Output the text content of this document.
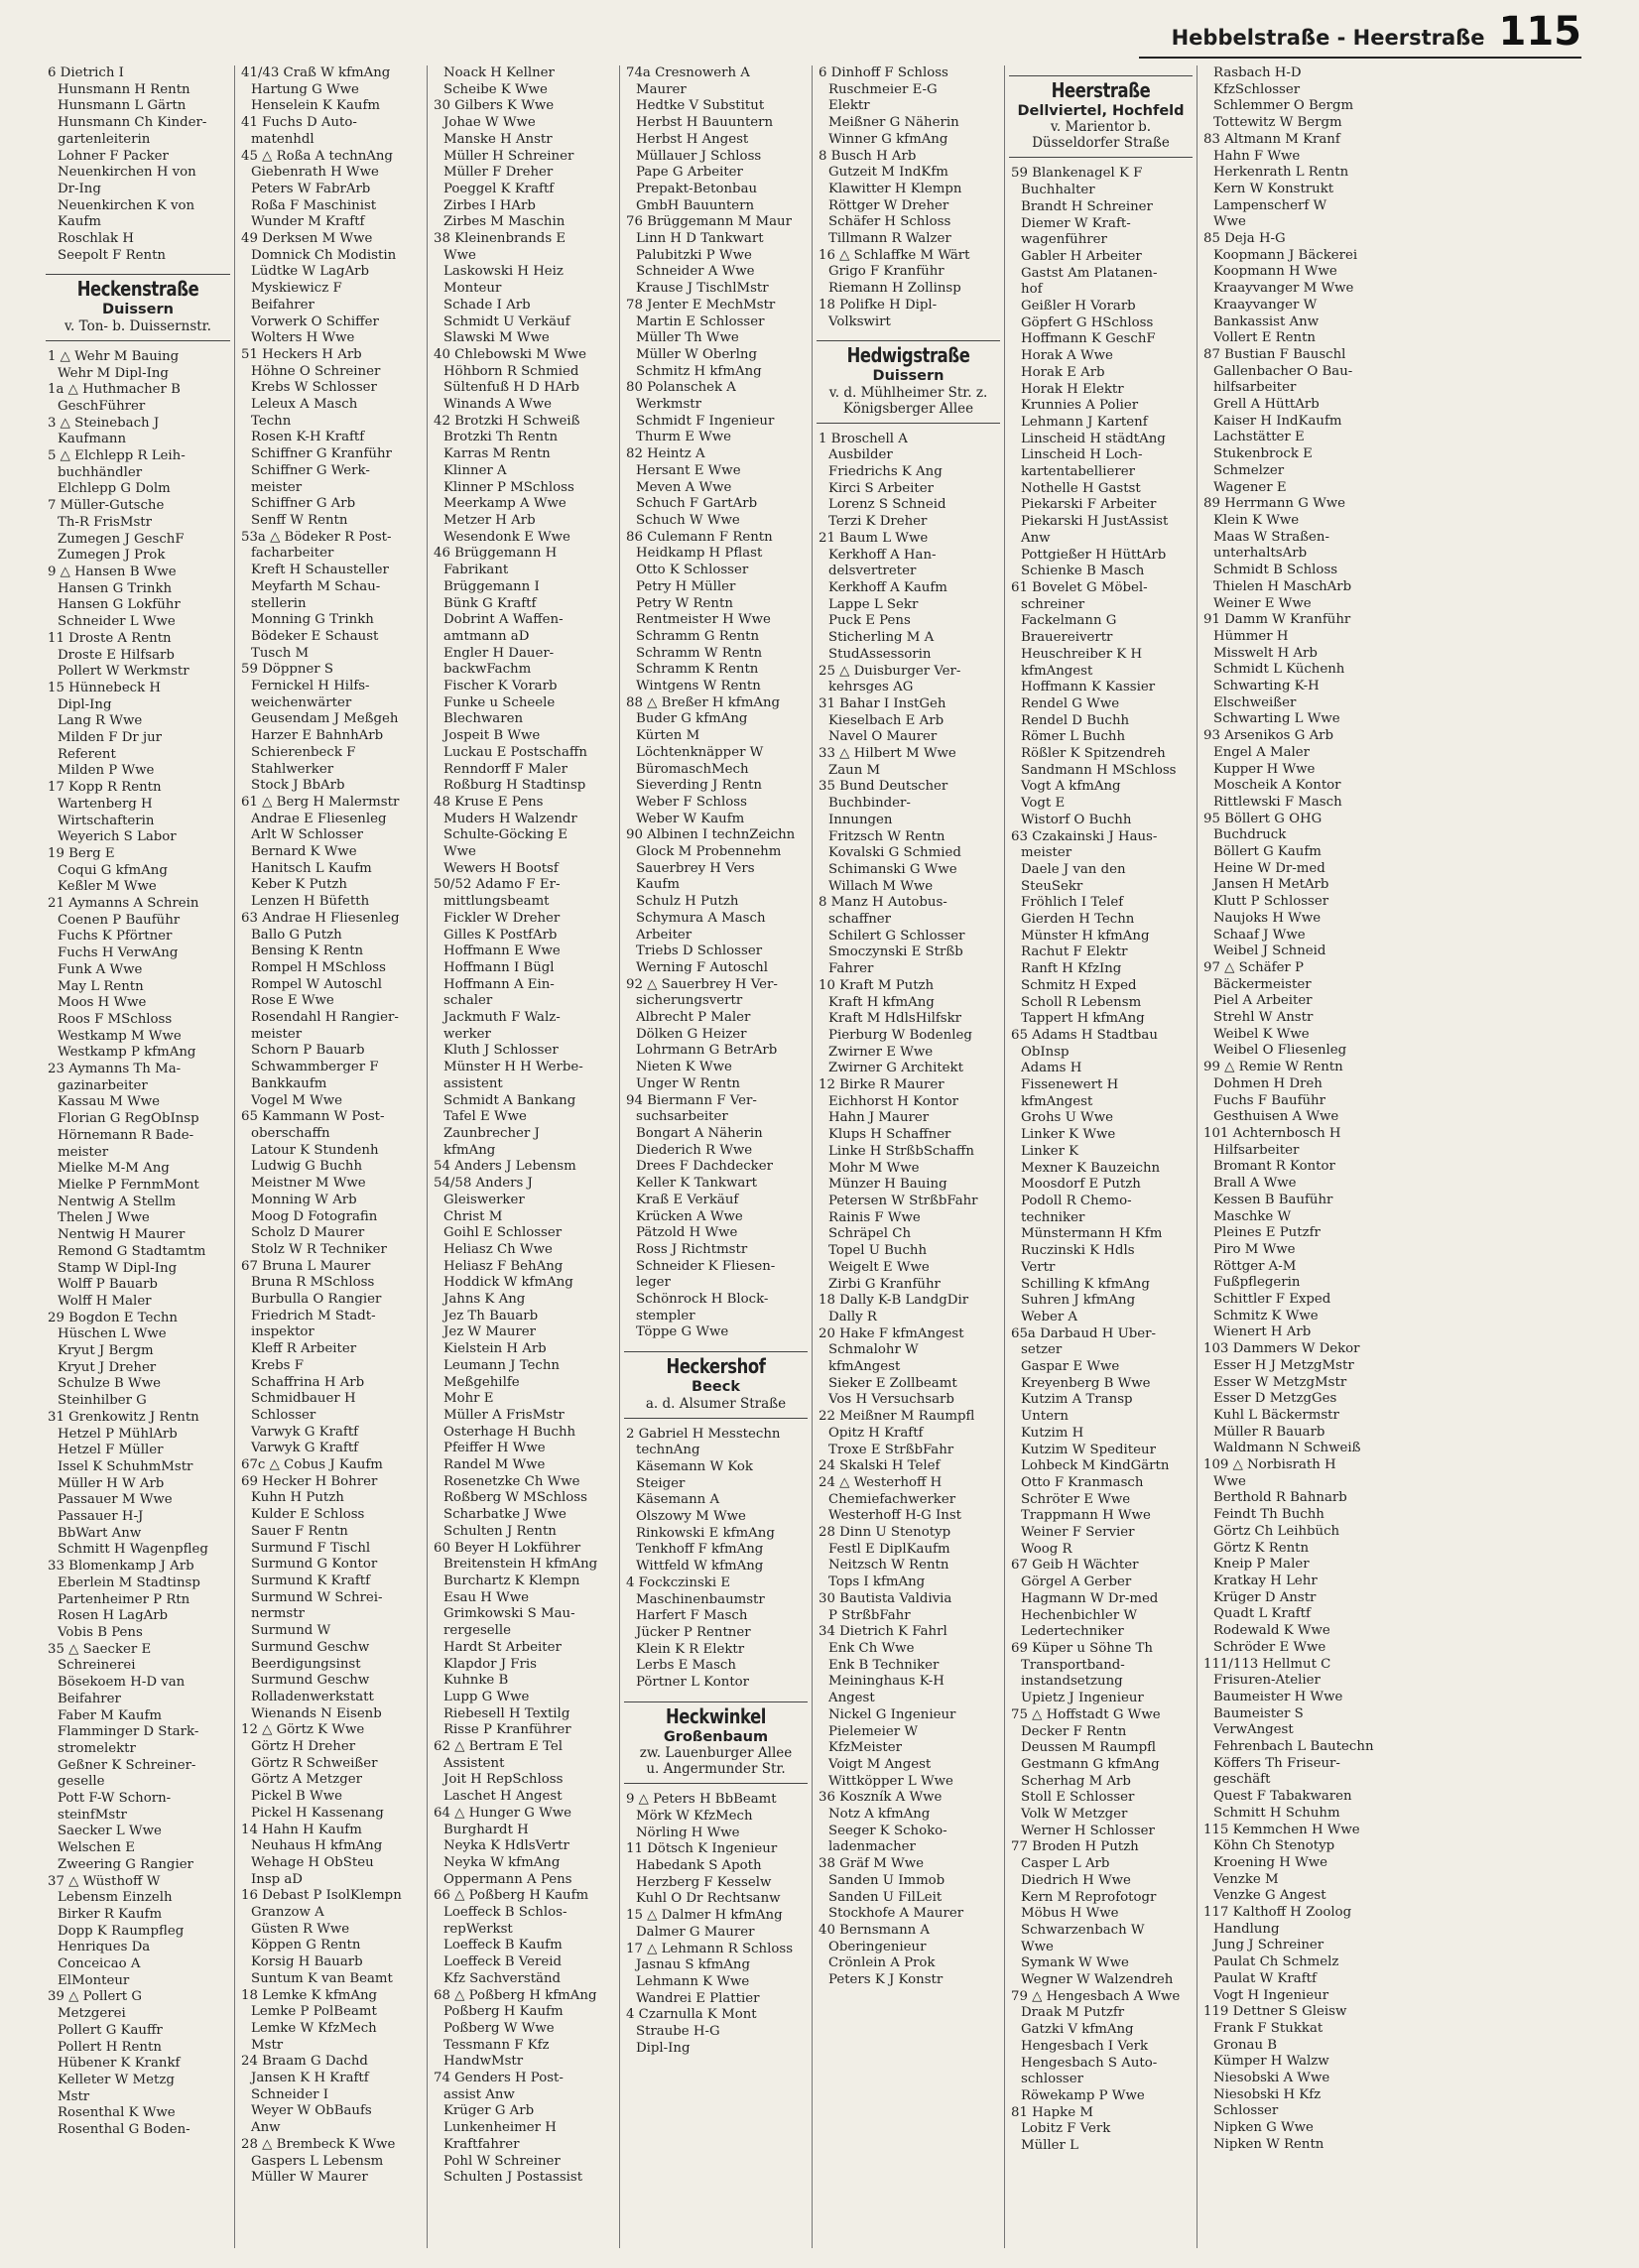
Hebbelstraße - Heerstraße 115
6 Dietrich I
Hunsmann H Rentn
Hunsmann L Gärtn
Hunsmann Ch Kinder-
gartenleiterin
Lohner F Packer
Neuenkirchen H von
Dr-Ing
Neuenkirchen K von
Kaufm
Roschlak H
Seepolt F Rentn
Heckenstraße
Duissern
v. Ton- b. Duissernstr.
1 △ Wehr M Bauing
Wehr M Dipl-Ing
1a △ Huthmacher B
GeschFührer
3 △ Steinebach J
Kaufmann
5 △ Elchlepp R Leih-
buchhändler
Elchlepp G Dolm
7 Müller-Gutsche
Th-R FrisMstr
Zumegen J GeschF
Zumegen J Prok
9 △ Hansen B Wwe
Hansen G Trinkh
Hansen G Lokführ
Schneider L Wwe
11 Droste A Rentn
Droste E Hilfsarb
Pollert W Werkmstr
15 Hünnebeck H
Dipl-Ing
Lang R Wwe
Milden F Dr jur
Referent
Milden P Wwe
17 Kopp R Rentn
Wartenberg H
Wirtschafterin
Weyerich S Labor
19 Berg E
Coqui G kfmAng
Keßler M Wwe
21 Aymanns A Schrein
Coenen P Bauführ
Fuchs K Pförtner
Fuchs H VerwAng
Funk A Wwe
May L Rentn
Moos H Wwe
Roos F MSchloss
Westkamp M Wwe
Westkamp P kfmAng
23 Aymanns Th Ma-
gazinarbeiter
Kassau M Wwe
Florian G RegObInsp
Hörnemann R Bade-
meister
Mielke M-M Ang
Mielke P FernmMont
Nentwig A Stellm
Thelen J Wwe
Nentwig H Maurer
Remond G Stadtamtm
Stamp W Dipl-Ing
Wolff P Bauarb
Wolff H Maler
29 Bogdon E Techn
Hüschen L Wwe
Kryut J Bergm
Kryut J Dreher
Schulze B Wwe
Steinhilber G
31 Grenkowitz J Rentn
Hetzel P MühlArb
Hetzel F Müller
Issel K SchuhmMstr
Müller H W Arb
Passauer M Wwe
Passauer H-J
BbWart Anw
Schmitt H Wagenpfleg
33 Blomenkamp J Arb
Eberlein M Stadtinsp
Partenheimer P Rtn
Rosen H LagArb
Vobis B Pens
35 △ Saecker E
Schreinerei
Bösekoem H-D van
Beifahrer
Faber M Kaufm
Flamminger D Stark-
stromelektr
Geßner K Schreiner-
geselle
Pott F-W Schorn-
steinfMstr
Saecker L Wwe
Welschen E
Zweering G Rangier
37 △ Wüsthoff W
Lebensm Einzelh
Birker R Kaufm
Dopp K Raumpfleg
Henriques Da
Conceicao A
ElMonteur
39 △ Pollert G
Metzgerei
Pollert G Kauffr
Pollert H Rentn
Hübener K Krankf
Kelleter W Metzg
Mstr
Rosenthal K Wwe
Rosenthal G Boden-
41/43 Craß W kfmAng
Hartung G Wwe
Henselein K Kaufm
41 Fuchs D Auto-
matenhdl
45 △ Roßa A technAng
Giebenrath H Wwe
Peters W FabrArb
Roßa F Maschinist
Wunder M Kraftf
49 Derksen M Wwe
Domnick Ch Modistin
Lüdtke W LagArb
Myskiewicz F
Beifahrer
Vorwerk O Schiffer
Wolters H Wwe
51 Heckers H Arb
Höhne O Schreiner
Krebs W Schlosser
Leleux A Masch
Techn
Rosen K-H Kraftf
Schiffner G Kranführ
Schiffner G Werk-
meister
Schiffner G Arb
Senff W Rentn
53a △ Bödeker R Post-
facharbeiter
Kreft H Schausteller
Meyfarth M Schau-
stellerin
Monning G Trinkh
Bödeker E Schaust
Tusch M
59 Döppner S
Fernickel H Hilfs-
weichenwärter
Geusendam J Meßgeh
Harzer E BahnhArb
Schierenbeck F
Stahlwerker
Stock J BbArb
61 △ Berg H Malermstr
Andrae E Fliesenleg
Arlt W Schlosser
Bernard K Wwe
Hanitsch L Kaufm
Keber K Putzh
Lenzen H Büfetth
63 Andrae H Fliesenleg
Ballo G Putzh
Bensing K Rentn
Rompel H MSchloss
Rompel W Autoschl
Rose E Wwe
Rosendahl H Rangier-
meister
Schorn P Bauarb
Schwammberger F
Bankkaufm
Vogel M Wwe
65 Kammann W Post-
oberschaffn
Latour K Stundenh
Ludwig G Buchh
Meistner M Wwe
Monning W Arb
Moog D Fotografin
Scholz D Maurer
Stolz W R Techniker
67 Bruna L Maurer
Bruna R MSchloss
Burbulla O Rangier
Friedrich M Stadt-
inspektor
Kleff R Arbeiter
Krebs F
Schaffrina H Arb
Schmidbauer H
Schlosser
Varwyk G Kraftf
Varwyk G Kraftf
67c △ Cobus J Kaufm
69 Hecker H Bohrer
Kuhn H Putzh
Kulder E Schloss
Sauer F Rentn
Surmund F Tischl
Surmund G Kontor
Surmund K Kraftf
Surmund W Schrei-
nermstr
Surmund W
Surmund Geschw
Beerdigungsinst
Surmund Geschw
Rolladenwerkstatt
Wienands N Eisenb
12 △ Görtz K Wwe
Görtz H Dreher
Görtz R Schweißer
Görtz A Metzger
Pickel B Wwe
Pickel H Kassenang
14 Hahn H Kaufm
Neuhaus H kfmAng
Wehage H ObSteu
Insp aD
16 Debast P IsolKlempn
Granzow A
Güsten R Wwe
Köppen G Rentn
Korsig H Bauarb
Suntum K van Beamt
18 Lemke K kfmAng
Lemke P PolBeamt
Lemke W KfzMech
Mstr
24 Braam G Dachd
Jansen K H Kraftf
Schneider I
Weyer W ObBaufs
Anw
28 △ Brembeck K Wwe
Gaspers L Lebensm
Müller W Maurer
Noack H Kellner
Scheibe K Wwe
30 Gilbers K Wwe
Johae W Wwe
Manske H Anstr
Müller H Schreiner
Müller F Dreher
Poeggel K Kraftf
Zirbes I HArb
Zirbes M Maschin
38 Kleinenbrands E
Wwe
Laskowski H Heiz
Monteur
Schade I Arb
Schmidt U Verkäuf
Slawski M Wwe
40 Chlebowski M Wwe
Höhborn R Schmied
Sültenfuß H D HArb
Winands A Wwe
42 Brotzki H Schweiß
Brotzki Th Rentn
Karras M Rentn
Klinner A
Klinner P MSchloss
Meerkamp A Wwe
Metzer H Arb
Wesendonk E Wwe
46 Brüggemann H
Fabrikant
Brüggemann I
Bünk G Kraftf
Dobrint A Waffen-
amtmann aD
Engler H Dauer-
backwFachm
Fischer K Vorarb
Funke u Scheele
Blechwaren
Jospeit B Wwe
Luckau E Postschaffn
Renndorff F Maler
Roßburg H Stadtinsp
48 Kruse E Pens
Muders H Walzendr
Schulte-Göcking E
Wwe
Wewers H Bootsf
50/52 Adamo F Er-
mittlungsbeamt
Fickler W Dreher
Gilles K PostfArb
Hoffmann E Wwe
Hoffmann I Bügl
Hoffmann A Ein-
schaler
Jackmuth F Walz-
werker
Kluth J Schlosser
Münster H H Werbe-
assistent
Schmidt A Bankang
Tafel E Wwe
Zaunbrecher J
kfmAng
54 Anders J Lebensm
54/58 Anders J
Gleiswerker
Christ M
Goihl E Schlosser
Heliasz Ch Wwe
Heliasz F BehAng
Hoddick W kfmAng
Jahns K Ang
Jez Th Bauarb
Jez W Maurer
Kielstein H Arb
Leumann J Techn
Meßgehilfe
Mohr E
Müller A FrisMstr
Osterhage H Buchh
Pfeiffer H Wwe
Randel M Wwe
Rosenetzke Ch Wwe
Roßberg W MSchloss
Scharbatke J Wwe
Schulten J Rentn
60 Beyer H Lokführer
Breitenstein H kfmAng
Burchartz K Klempn
Esau H Wwe
Grimkowski S Mau-
rergeselle
Hardt St Arbeiter
Klapdor J Fris
Kuhnke B
Lupp G Wwe
Riebesell H Textilg
Risse P Kranführer
62 △ Bertram E Tel
Assistent
Joit H RepSchloss
Laschet H Angest
64 △ Hunger G Wwe
Burghardt H
Neyka K HdlsVertr
Neyka W kfmAng
Oppermann A Pens
66 △ Poßberg H Kaufm
Loeffeck B Schlos-
repWerkst
Loeffeck B Kaufm
Loeffeck B Vereid
Kfz Sachverständ
68 △ Poßberg H kfmAng
Poßberg H Kaufm
Poßberg W Wwe
Tessmann F Kfz
HandwMstr
74 Genders H Post-
assist Anw
Krüger G Arb
Lunkenheimer H
Kraftfahrer
Pohl W Schreiner
Schulten J Postassist
74a Cresnowerh A
Maurer
Hedtke V Substitut
Herbst H Bauuntern
Herbst H Angest
Müllauer J Schloss
Pape G Arbeiter
Prepakt-Betonbau
GmbH Bauuntern
76 Brüggemann M Maur
Linn H D Tankwart
Palubitzki P Wwe
Schneider A Wwe
Krause J TischlMstr
78 Jenter E MechMstr
Martin E Schlosser
Müller Th Wwe
Müller W Oberlng
Schmitz H kfmAng
80 Polanschek A
Werkmstr
Schmidt F Ingenieur
Thurm E Wwe
82 Heintz A
Hersant E Wwe
Meven A Wwe
Schuch F GartArb
Schuch W Wwe
86 Culemann F Rentn
Heidkamp H Pflast
Otto K Schlosser
Petry H Müller
Petry W Rentn
Rentmeister H Wwe
Schramm G Rentn
Schramm W Rentn
Schramm K Rentn
Wintgens W Rentn
88 △ Breßer H kfmAng
Buder G kfmAng
Kürten M
Löchtenknäpper W
BüromaschMech
Sieverding J Rentn
Weber F Schloss
Weber W Kaufm
90 Albinen I technZeichn
Glock M Probennehm
Sauerbrey H Vers
Kaufm
Schulz H Putzh
Schymura A Masch
Arbeiter
Triebs D Schlosser
Werning F Autoschl
92 △ Sauerbrey H Ver-
sicherungsvertr
Albrecht P Maler
Dölken G Heizer
Lohrmann G BetrArb
Nieten K Wwe
Unger W Rentn
94 Biermann F Ver-
suchsarbeiter
Bongart A Näherin
Diederich R Wwe
Drees F Dachdecker
Keller K Tankwart
Kraß E Verkäuf
Krücken A Wwe
Pätzold H Wwe
Ross J Richtmstr
Schneider K Fliesen-
leger
Schönrock H Block-
stempler
Töppe G Wwe
Heckershof
Beeck
a. d. Alsumer Straße
2 Gabriel H Messtechn
technAng
Käsemann W Kok
Steiger
Käsemann A
Olszowy M Wwe
Rinkowski E kfmAng
Tenkhoff F kfmAng
Wittfeld W kfmAng
4 Fockczinski E
Maschinenbaumstr
Harfert F Masch
Jücker P Rentner
Klein K R Elektr
Lerbs E Masch
Pörtner L Kontor
Heckwinkel
Großenbaum
zw. Lauenburger Allee
u. Angermunder Str.
9 △ Peters H BbBeamt
Mörk W KfzMech
Nörling H Wwe
11 Dötsch K Ingenieur
Habedank S Apoth
Herzberg F Kesselw
Kuhl O Dr Rechtsanw
15 △ Dalmer H kfmAng
Dalmer G Maurer
17 △ Lehmann R Schloss
Jasnau S kfmAng
Lehmann K Wwe
Wandrei E Plattier
4 Czarnulla K Mont
Straube H-G
Dipl-Ing
6 Dinhoff F Schloss
Ruschmeier E-G
Elektr
Meißner G Näherin
Winner G kfmAng
8 Busch H Arb
Gutzeit M IndKfm
Klawitter H Klempn
Röttger W Dreher
Schäfer H Schloss
Tillmann R Walzer
16 △ Schlaffke M Wärt
Grigo F Kranführ
Riemann H Zollinsp
18 Polifke H Dipl-
Volkswirt
Hedwigstraße
Duissern
v. d. Mühlheimer Str. z.
Königsberger Allee
1 Broschell A
Ausbilder
Friedrichs K Ang
Kirci S Arbeiter
Lorenz S Schneid
Terzi K Dreher
21 Baum L Wwe
Kerkhoff A Han-
delsvertreter
Kerkhoff A Kaufm
Lappe L Sekr
Puck E Pens
Sticherling M A
StudAssessorin
25 △ Duisburger Ver-
kehrsges AG
31 Bahar I InstGeh
Kieselbach E Arb
Navel O Maurer
33 △ Hilbert M Wwe
Zaun M
35 Bund Deutscher
Buchbinder-
Innungen
Fritzsch W Rentn
Kovalski G Schmied
Schimanski G Wwe
Willach M Wwe
8 Manz H Autobus-
schaffner
Schilert G Schlosser
Smoczynski E Strßb
Fahrer
10 Kraft M Putzh
Kraft H kfmAng
Kraft M HdlsHilfskr
Pierburg W Bodenleg
Zwirner E Wwe
Zwirner G Architekt
12 Birke R Maurer
Eichhorst H Kontor
Hahn J Maurer
Klups H Schaffner
Linke H StrßbSchaffn
Mohr M Wwe
Münzer H Bauing
Petersen W StrßbFahr
Rainis F Wwe
Schräpel Ch
Topel U Buchh
Weigelt E Wwe
Zirbi G Kranführ
18 Dally K-B LandgDir
Dally R
20 Hake F kfmAngest
Schmalohr W
kfmAngest
Sieker E Zollbeamt
Vos H Versuchsarb
22 Meißner M Raumpfl
Opitz H Kraftf
Troxe E StrßbFahr
24 Skalski H Telef
24 △ Westerhoff H
Chemiefachwerker
Westerhoff H-G Inst
28 Dinn U Stenotyp
Festl E DiplKaufm
Neitzsch W Rentn
Tops I kfmAng
30 Bautista Valdivia
P StrßbFahr
34 Dietrich K Fahrl
Enk Ch Wwe
Enk B Techniker
Meininghaus K-H
Angest
Nickel G Ingenieur
Pielemeier W
KfzMeister
Voigt M Angest
Wittköpper L Wwe
36 Koszník A Wwe
Notz A kfmAng
Seeger K Schoko-
ladenmacher
38 Gräf M Wwe
Sanden U Immob
Sanden U FilLeit
Stockhofe A Maurer
40 Bernsmann A
Oberingenieur
Crönlein A Prok
Peters K J Konstr
Heerstraße
Dellviertel, Hochfeld
v. Marientor b.
Düsseldorfer Straße
59 Blankenagel K F
Buchhalter
Brandt H Schreiner
Diemer W Kraft-
wagenführer
Gabler H Arbeiter
Gastst Am Platanen-
hof
Geißler H Vorarb
Göpfert G HSchloss
Hoffmann K GeschF
Horak A Wwe
Horak E Arb
Horak H Elektr
Krunnies A Polier
Lehmann J Kartenf
Linscheid H städtAng
Linscheid H Loch-
kartentabellierer
Nothelle H Gastst
Piekarski F Arbeiter
Piekarski H JustAssist
Anw
Pottgießer H HüttArb
Schienke B Masch
61 Bovelet G Möbel-
schreiner
Fackelmann G
Brauereivertr
Heuschreiber K H
kfmAngest
Hoffmann K Kassier
Rendel G Wwe
Rendel D Buchh
Römer L Buchh
Rößler K Spitzendreh
Sandmann H MSchloss
Vogt A kfmAng
Vogt E
Wistorf O Buchh
63 Czakainski J Haus-
meister
Daele J van den
SteuSekr
Fröhlich I Telef
Gierden H Techn
Münster H kfmAng
Rachut F Elektr
Ranft H KfzIng
Schmitz H Exped
Scholl R Lebensm
Tappert H kfmAng
65 Adams H Stadtbau
ObInsp
Adams H
Fissenewert H
kfmAngest
Grohs U Wwe
Linker K Wwe
Linker K
Mexner K Bauzeichn
Moosdorf E Putzh
Podoll R Chemo-
techniker
Münstermann H Kfm
Ruczinski K Hdls
Vertr
Schilling K kfmAng
Suhren J kfmAng
Weber A
65a Darbaud H Über-
setzer
Gaspar E Wwe
Kreyenberg B Wwe
Kutzim A Transp
Untern
Kutzim H
Kutzim W Spediteur
Lohbeck M KindGärtn
Otto F Kranmasch
Schröter E Wwe
Trappmann H Wwe
Weiner F Servier
Woog R
67 Geib H Wächter
Görgel A Gerber
Hagmann W Dr-med
Hechenbichler W
Ledertechniker
69 Küper u Söhne Th
Transportband-
instandsetzung
Upietz J Ingenieur
75 △ Hoffstadt G Wwe
Decker F Rentn
Deussen M Raumpfl
Gestmann G kfmAng
Scherhag M Arb
Stoll E Schlosser
Volk W Metzger
Werner H Schlosser
77 Broden H Putzh
Casper L Arb
Diedrich H Wwe
Kern M Reprofotogr
Möbus H Wwe
Schwarzenbach W
Wwe
Symank W Wwe
Wegner W Walzendreh
79 △ Hengesbach A Wwe
Draak M Putzfr
Gatzki V kfmAng
Hengesbach I Verk
Hengesbach S Auto-
schlosser
Röwekamp P Wwe
81 Hapke M
Lobitz F Verk
Müller L
Rasbach H-D
KfzSchlosser
Schlemmer O Bergm
Tottewitz W Bergm
83 Altmann M Kranf
Hahn F Wwe
Herkenrath L Rentn
Kern W Konstrukt
Lampenscherf W
Wwe
85 Deja H-G
Koopmann J Bäckerei
Koopmann H Wwe
Kraayvanger M Wwe
Kraayvanger W
Bankassist Anw
Vollert E Rentn
87 Bustian F Bauschl
Gallenbacher O Bau-
hilfsarbeiter
Grell A HüttArb
Kaiser H IndKaufm
Lachstätter E
Stukenbrock E
Schmelzer
Wagener E
89 Herrmann G Wwe
Klein K Wwe
Maas W Straßen-
unterhaltsArb
Schmidt B Schloss
Thielen H MaschArb
Weiner E Wwe
91 Damm W Kranführ
Hümmer H
Misswelt H Arb
Schmidt L Küchenh
Schwarting K-H
Elschweißer
Schwarting L Wwe
93 Arsenikos G Arb
Engel A Maler
Kupper H Wwe
Moscheik A Kontor
Rittlewski F Masch
95 Böllert G OHG
Buchdruck
Böllert G Kaufm
Heine W Dr-med
Jansen H MetArb
Klutt P Schlosser
Naujoks H Wwe
Schaaf J Wwe
Weibel J Schneid
97 △ Schäfer P
Bäckermeister
Piel A Arbeiter
Strehl W Anstr
Weibel K Wwe
Weibel O Fliesenleg
99 △ Remie W Rentn
Dohmen H Dreh
Fuchs F Bauführ
Gesthuisen A Wwe
101 Achternbosch H
Hilfsarbeiter
Bromant R Kontor
Brall A Wwe
Kessen B Bauführ
Maschke W
Pleines E Putzfr
Piro M Wwe
Röttger A-M
Fußpflegerin
Schittler F Exped
Schmitz K Wwe
Wienert H Arb
103 Dammers W Dekor
Esser H J MetzgMstr
Esser W MetzgMstr
Esser D MetzgGes
Kuhl L Bäckermstr
Müller R Bauarb
Waldmann N Schweiß
109 △ Norbisrath H
Wwe
Berthold R Bahnarb
Feindt Th Buchh
Görtz Ch Leihbüch
Görtz K Rentn
Kneip P Maler
Kratkay H Lehr
Krüger D Anstr
Quadt L Kraftf
Rodewald K Wwe
Schröder E Wwe
111/113 Hellmut C
Frisuren-Atelier
Baumeister H Wwe
Baumeister S
VerwAngest
Fehrenbach L Bautechn
Köffers Th Friseur-
geschäft
Quest F Tabakwaren
Schmitt H Schuhm
115 Kemmchen H Wwe
Köhn Ch Stenotyp
Kroening H Wwe
Venzke M
Venzke G Angest
117 Kalthoff H Zoolog
Handlung
Jung J Schreiner
Paulat Ch Schmelz
Paulat W Kraftf
Vogt H Ingenieur
119 Dettner S Gleisw
Frank F Stukkat
Gronau B
Kümper H Walzw
Niesobski A Wwe
Niesobski H Kfz
Schlosser
Nipken G Wwe
Nipken W Rentn
